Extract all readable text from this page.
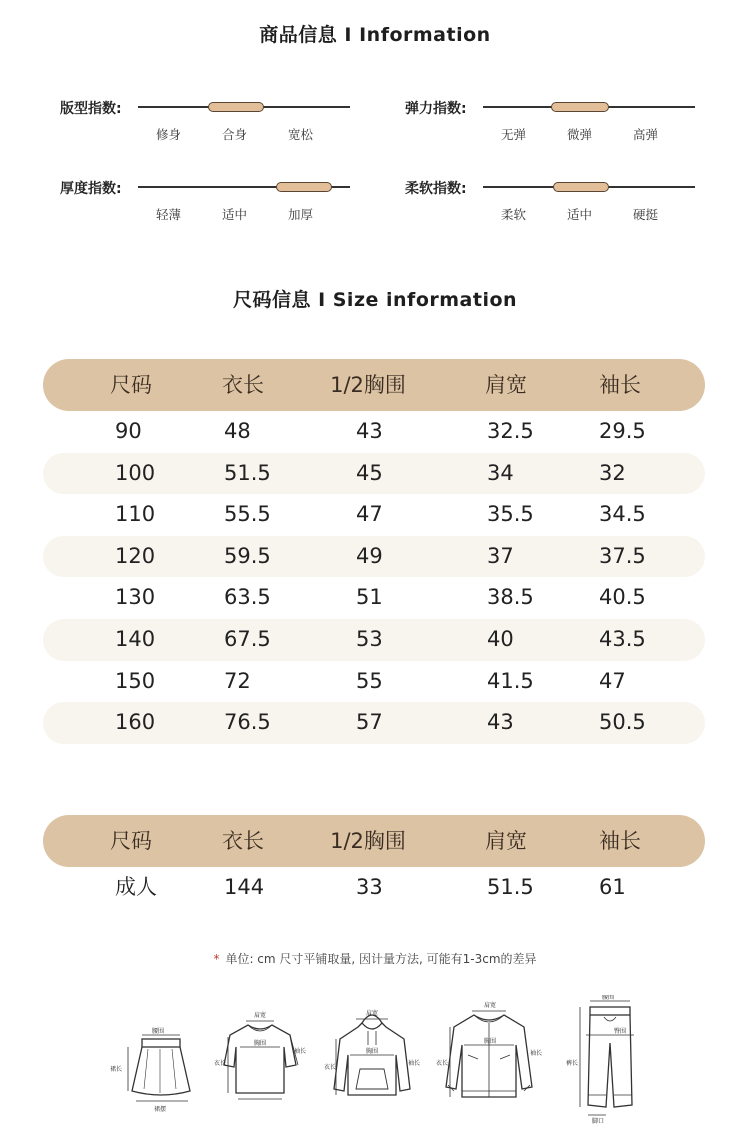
商品信息 I Information
版型指数:
修身	合身	宽松
弹力指数:
无弹	微弹	高弹
厚度指数:
轻薄	适中	加厚
柔软指数:
柔软	适中	硬挺
尺码信息 I Size information
尺码	衣长	1/2胸围	肩宽	袖长
90	48	43	32.5	29.5
100	51.5	45	34	32
110	55.5	47	35.5	34.5
120	59.5	49	37	37.5
130	63.5	51	38.5	40.5
140	67.5	53	40	43.5
150	72	55	41.5	47
160	76.5	57	43	50.5
尺码	衣长	1/2胸围	肩宽	袖长
成人	144	33	51.5	61
* 单位: cm 尺寸平铺取量, 因计量方法, 可能有1-3cm的差异
腰围
裙长
裙摆
肩宽
胸围
衣长
袖长
肩宽
胸围
衣长
袖长
肩宽
胸围
衣长
袖长
腰围
臀围
裤长
脚口
